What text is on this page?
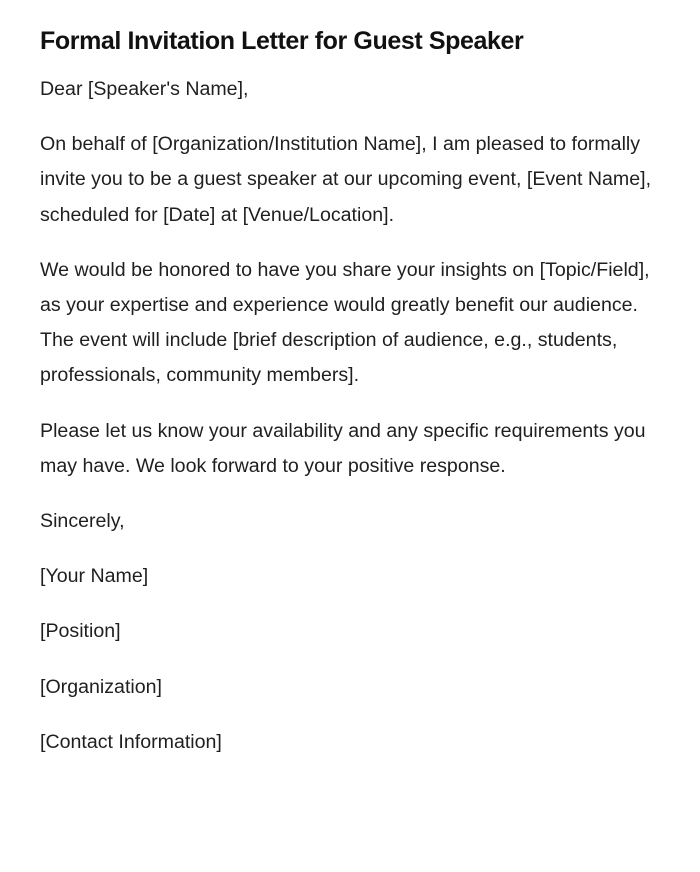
Formal Invitation Letter for Guest Speaker

Dear [Speaker's Name],

On behalf of [Organization/Institution Name], I am pleased to formally invite you to be a guest speaker at our upcoming event, [Event Name], scheduled for [Date] at [Venue/Location].

We would be honored to have you share your insights on [Topic/Field], as your expertise and experience would greatly benefit our audience. The event will include [brief description of audience, e.g., students, professionals, community members].

Please let us know your availability and any specific requirements you may have. We look forward to your positive response.

Sincerely,

[Your Name]

[Position]

[Organization]

[Contact Information]
